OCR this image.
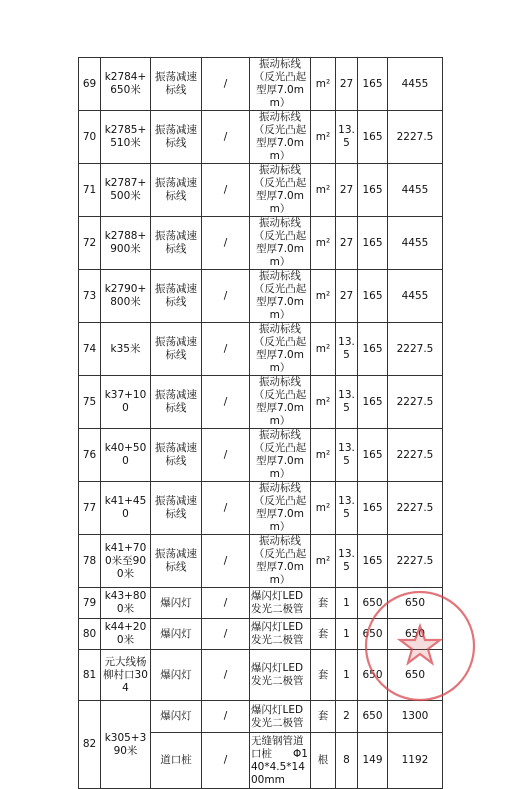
69	k2784+650米	振荡减速标线	/	振动标线（反光凸起型厚7.0mm）	m²	27	165	4455
70	k2785+510米	振荡减速标线	/	振动标线（反光凸起型厚7.0mm）	m²	13.5	165	2227.5
71	k2787+500米	振荡减速标线	/	振动标线（反光凸起型厚7.0mm）	m²	27	165	4455
72	k2788+900米	振荡减速标线	/	振动标线（反光凸起型厚7.0mm）	m²	27	165	4455
73	k2790+800米	振荡减速标线	/	振动标线（反光凸起型厚7.0mm）	m²	27	165	4455
74	k35米	振荡减速标线	/	振动标线（反光凸起型厚7.0mm）	m²	13.5	165	2227.5
75	k37+100	振荡减速标线	/	振动标线（反光凸起型厚7.0mm）	m²	13.5	165	2227.5
76	k40+500	振荡减速标线	/	振动标线（反光凸起型厚7.0mm）	m²	13.5	165	2227.5
77	k41+450	振荡减速标线	/	振动标线（反光凸起型厚7.0mm）	m²	13.5	165	2227.5
78	k41+700米至900米	振荡减速标线	/	振动标线（反光凸起型厚7.0mm）	m²	13.5	165	2227.5
79	k43+800米	爆闪灯	/	爆闪灯LED发光二极管	套	1	650	650
80	k44+200米	爆闪灯	/	爆闪灯LED发光二极管	套	1	650	650
81	元大线杨柳村口304	爆闪灯	/	爆闪灯LED发光二极管	套	1	650	650
82	k305+390米	爆闪灯	/	爆闪灯LED发光二极管	套	2	650	1300
		道口桩	/	无缝钢管道口桩　　Φ140*4.5*1400mm	根	8	149	1192
